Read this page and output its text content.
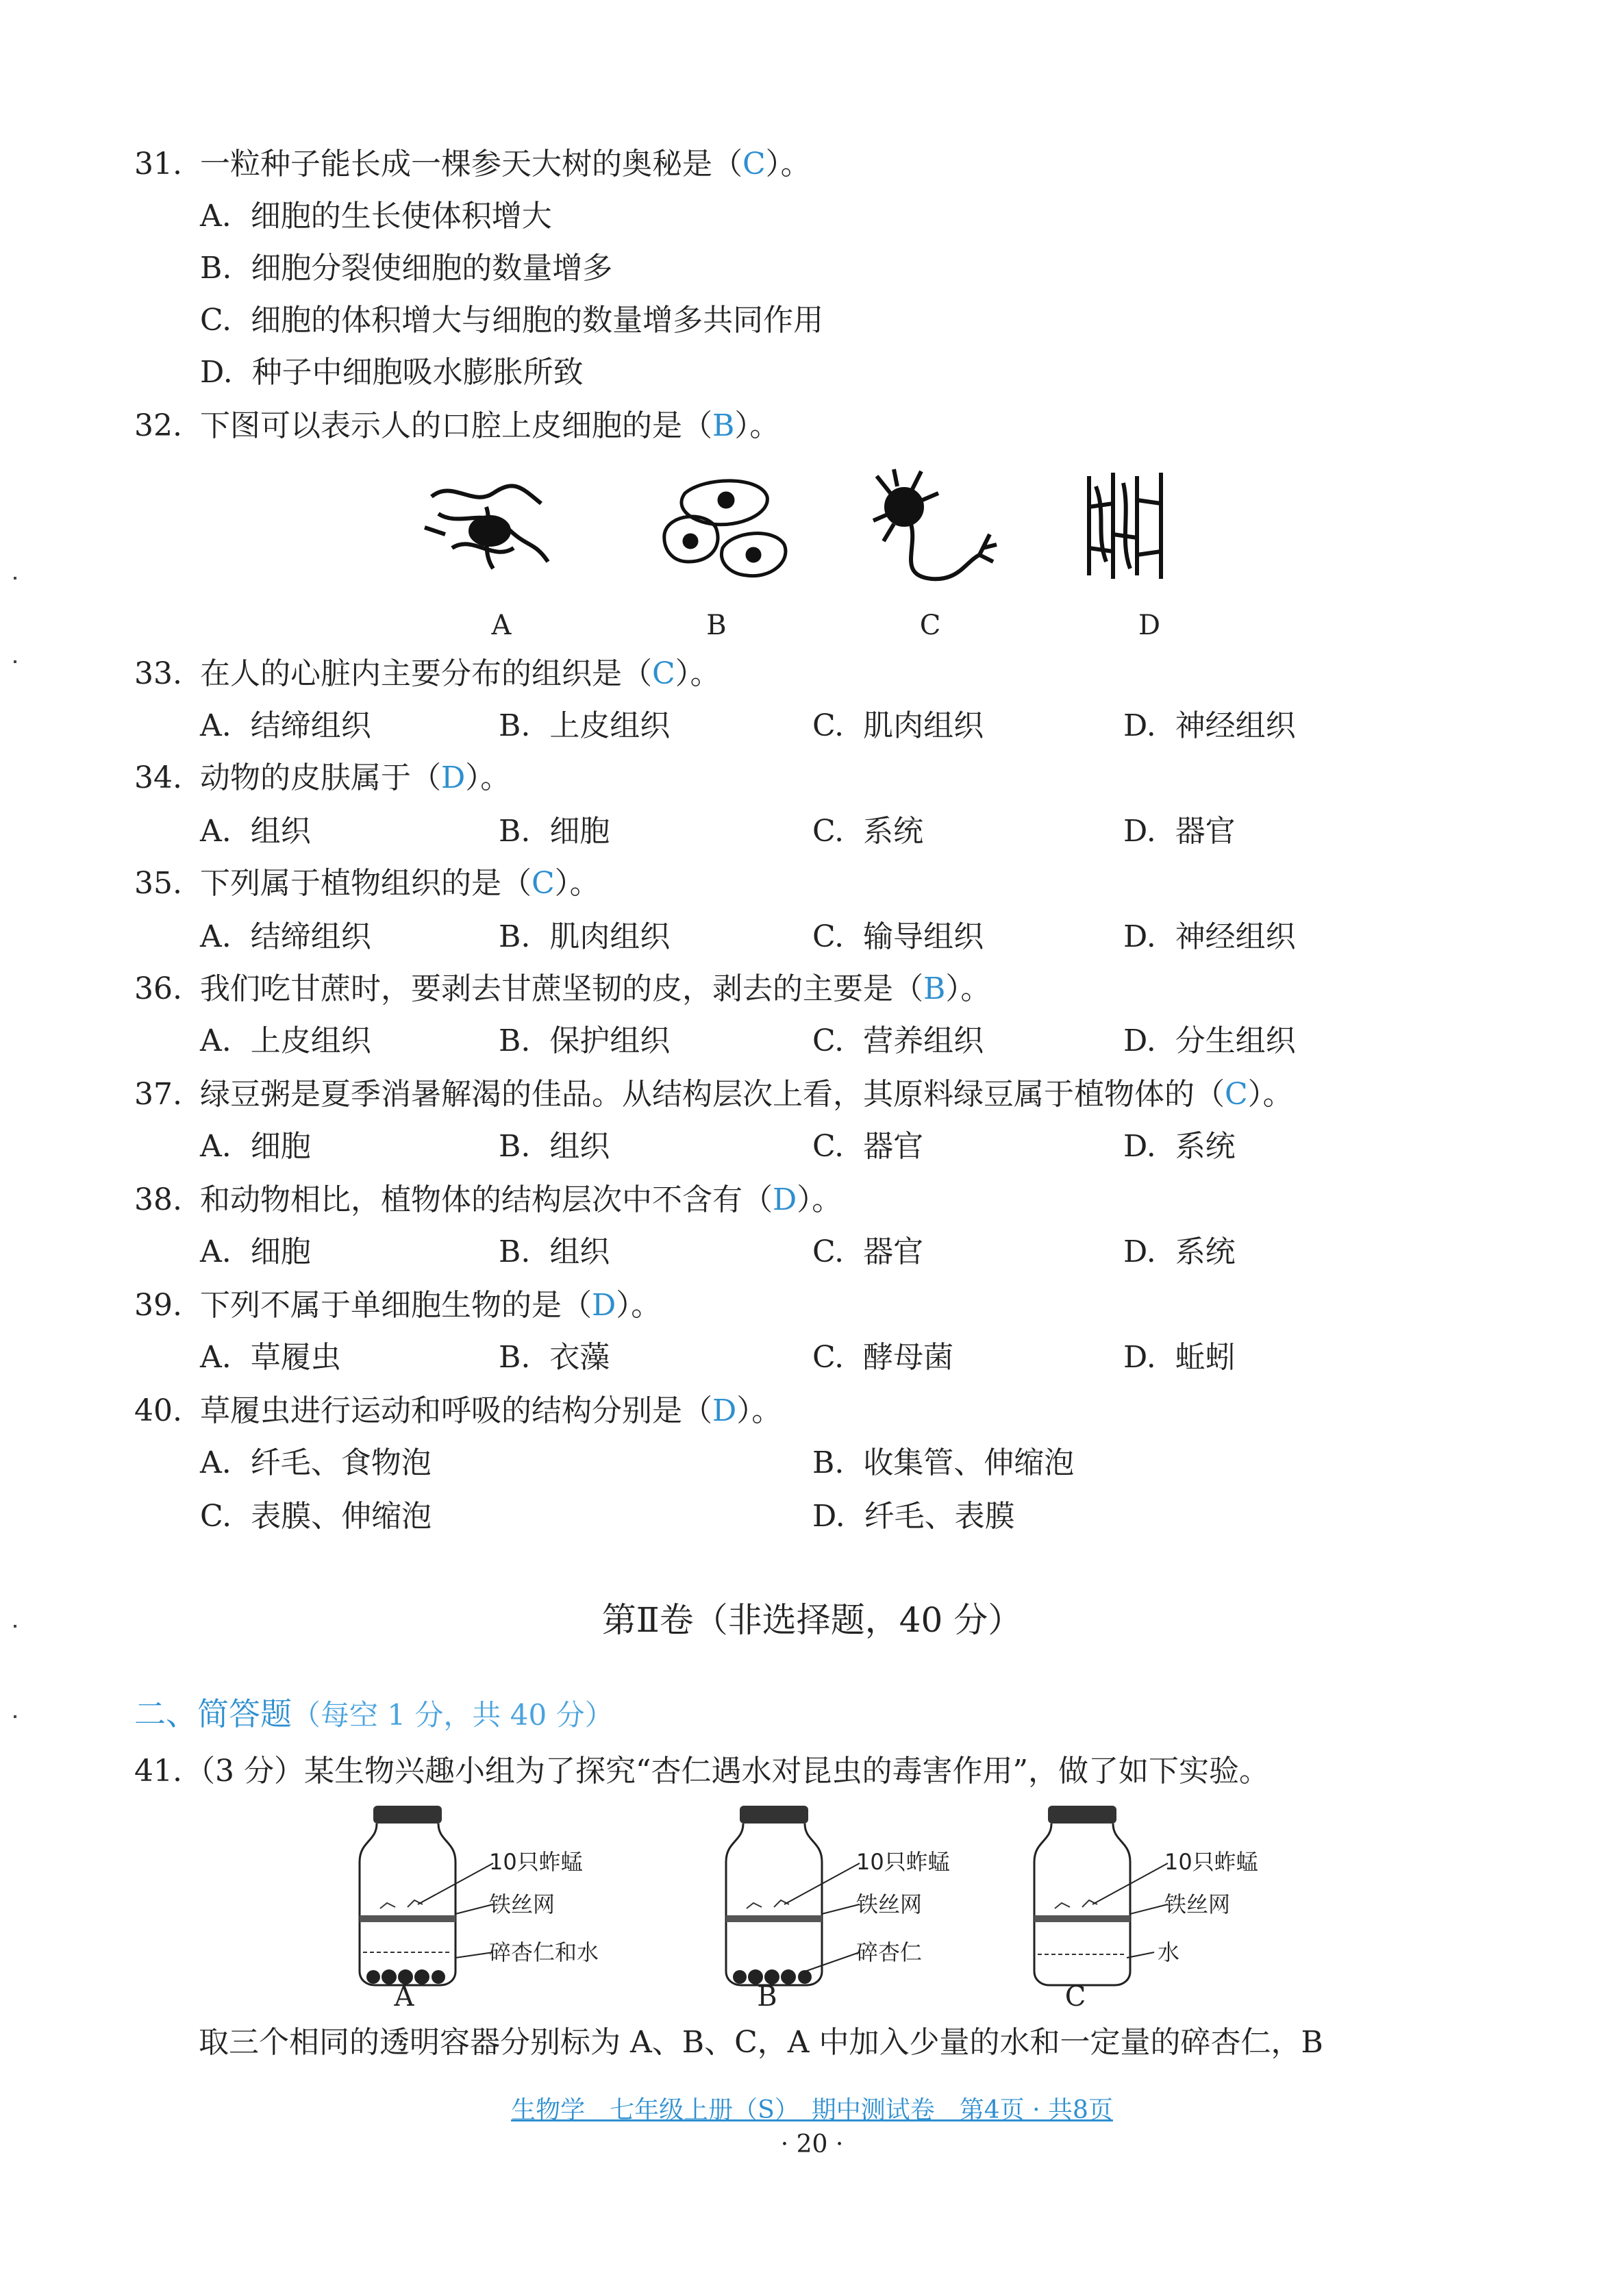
31. 一粒种子能长成一棵参天大树的奥秘是（C）。
A. 细胞的生长使体积增大
B. 细胞分裂使细胞的数量增多
C. 细胞的体积增大与细胞的数量增多共同作用
D. 种子中细胞吸水膨胀所致
32. 下图可以表示人的口腔上皮细胞的是（B）。
A	B	C	D
33. 在人的心脏内主要分布的组织是（C）。
A. 结缔组织	B. 上皮组织	C. 肌肉组织	D. 神经组织
34. 动物的皮肤属于（D）。
A. 组织	B. 细胞	C. 系统	D. 器官
35. 下列属于植物组织的是（C）。
A. 结缔组织	B. 肌肉组织	C. 输导组织	D. 神经组织
36. 我们吃甘蔗时，要剥去甘蔗坚韧的皮，剥去的主要是（B）。
A. 上皮组织	B. 保护组织	C. 营养组织	D. 分生组织
37. 绿豆粥是夏季消暑解渴的佳品。从结构层次上看，其原料绿豆属于植物体的（C）。
A. 细胞	B. 组织	C. 器官	D. 系统
38. 和动物相比，植物体的结构层次中不含有（D）。
A. 细胞	B. 组织	C. 器官	D. 系统
39. 下列不属于单细胞生物的是（D）。
A. 草履虫	B. 衣藻	C. 酵母菌	D. 蚯蚓
40. 草履虫进行运动和呼吸的结构分别是（D）。
A. 纤毛、食物泡	B. 收集管、伸缩泡
C. 表膜、伸缩泡	D. 纤毛、表膜
第Ⅱ卷（非选择题，40 分）
二、简答题（每空 1 分，共 40 分）
41. （3 分）某生物兴趣小组为了探究“杏仁遇水对昆虫的毒害作用”，做了如下实验。
10只蚱蜢
铁丝网
碎杏仁和水
A
10只蚱蜢
铁丝网
碎杏仁
B
10只蚱蜢
铁丝网
水
C
取三个相同的透明容器分别标为 A、B、C，A 中加入少量的水和一定量的碎杏仁，B
生物学　七年级上册（S）　期中测试卷　第4页 · 共8页
· 20 ·
